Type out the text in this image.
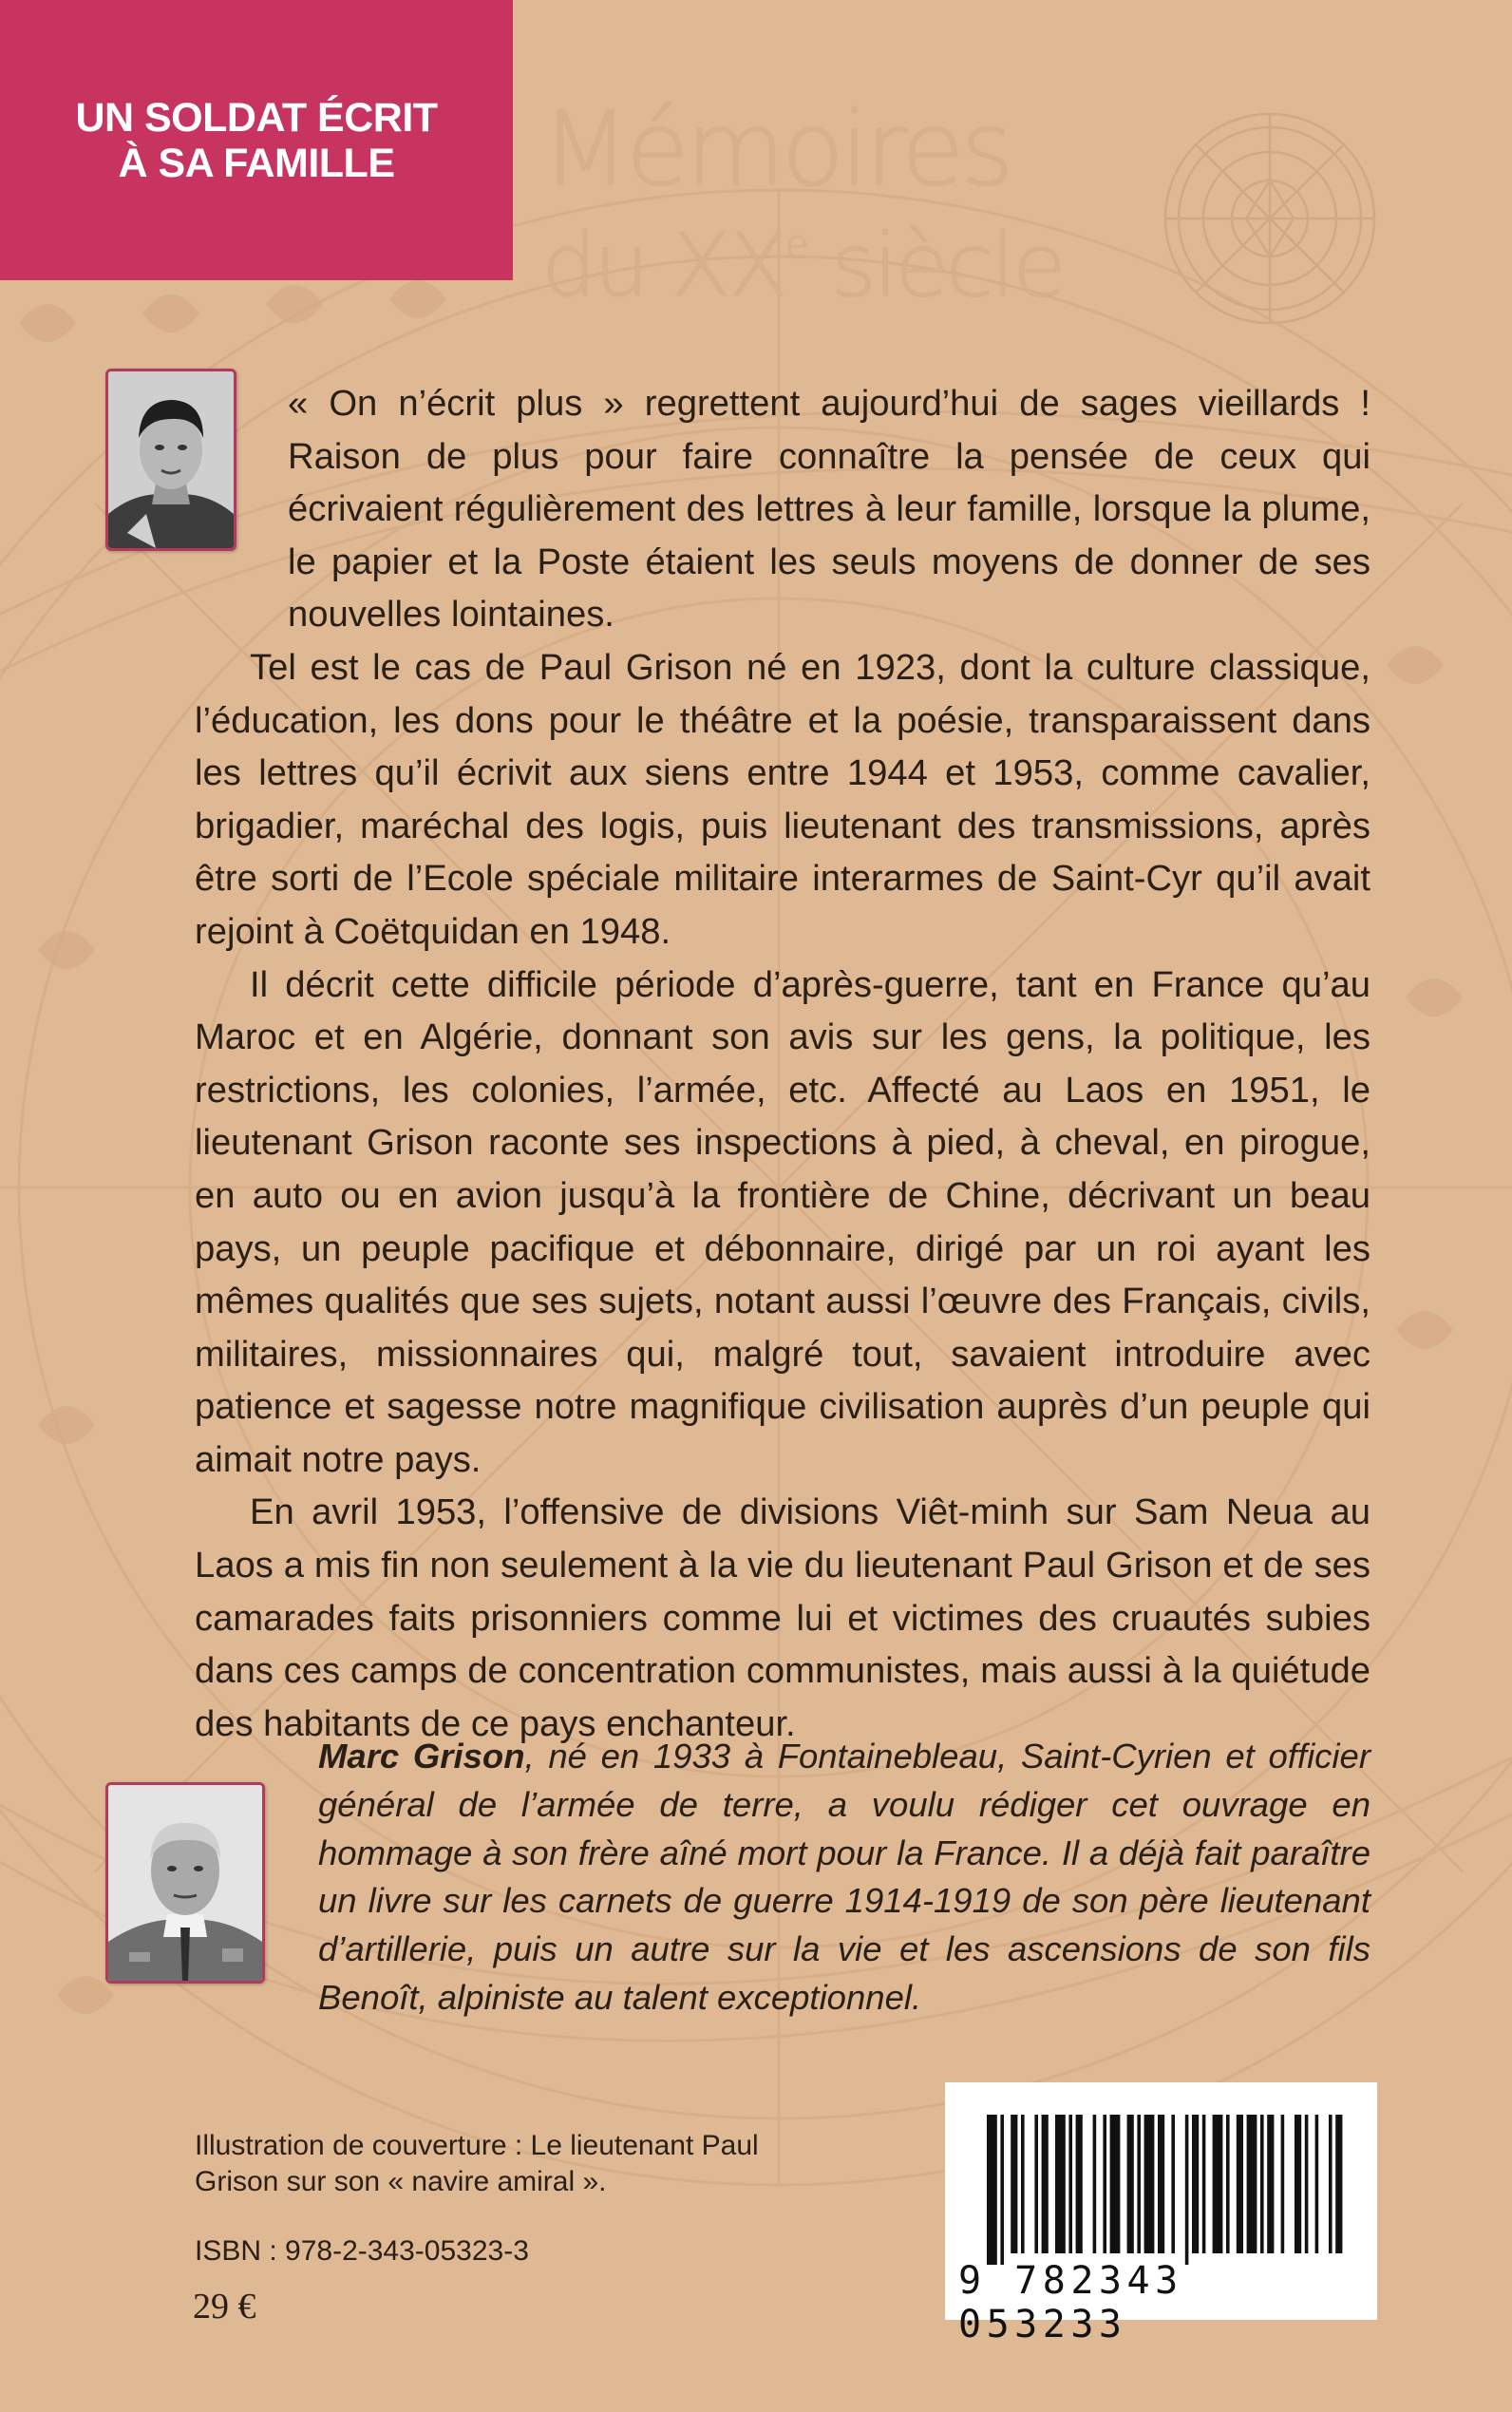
UN SOLDAT ÉCRIT
À SA FAMILLE Mémoires
du XXe siècle

« On n’écrit plus » regrettent aujourd’hui de sages vieillards ! Raison de plus pour faire connaître la pensée de ceux qui écrivaient régulièrement des lettres à leur famille, lorsque la plume, le papier et la Poste étaient les seuls moyens de donner de ses nouvelles lointaines.

Tel est le cas de Paul Grison né en 1923, dont la culture classique, l’éducation, les dons pour le théâtre et la poésie, transparaissent dans les lettres qu’il écrivit aux siens entre 1944 et 1953, comme cavalier, brigadier, maréchal des logis, puis lieutenant des transmissions, après être sorti de l’Ecole spéciale militaire interarmes de Saint-Cyr qu’il avait rejoint à Coëtquidan en 1948.

Il décrit cette difficile période d’après-guerre, tant en France qu’au Maroc et en Algérie, donnant son avis sur les gens, la politique, les restrictions, les colonies, l’armée, etc. Affecté au Laos en 1951, le lieutenant Grison raconte ses inspections à pied, à cheval, en pirogue, en auto ou en avion jusqu’à la frontière de Chine, décrivant un beau pays, un peuple pacifique et débonnaire, dirigé par un roi ayant les mêmes qualités que ses sujets, notant aussi l’œuvre des Français, civils, militaires, missionnaires qui, malgré tout, savaient introduire avec patience et sagesse notre magnifique civilisation auprès d’un peuple qui aimait notre pays.

En avril 1953, l’offensive de divisions Viêt-minh sur Sam Neua au Laos a mis fin non seulement à la vie du lieutenant Paul Grison et de ses camarades faits prisonniers comme lui et victimes des cruautés subies dans ces camps de concentration communistes, mais aussi à la quiétude des habitants de ce pays enchanteur.

Marc Grison, né en 1933 à Fontainebleau, Saint-Cyrien et officier général de l’armée de terre, a voulu rédiger cet ouvrage en hommage à son frère aîné mort pour la France. Il a déjà fait paraître un livre sur les carnets de guerre 1914-1919 de son père lieutenant d’artillerie, puis un autre sur la vie et les ascensions de son fils Benoît, alpiniste au talent exceptionnel.

Illustration de couverture : Le lieutenant Paul Grison sur son « navire amiral ».
ISBN : 978-2-343-05323-3
29 €
9 782343 053233
